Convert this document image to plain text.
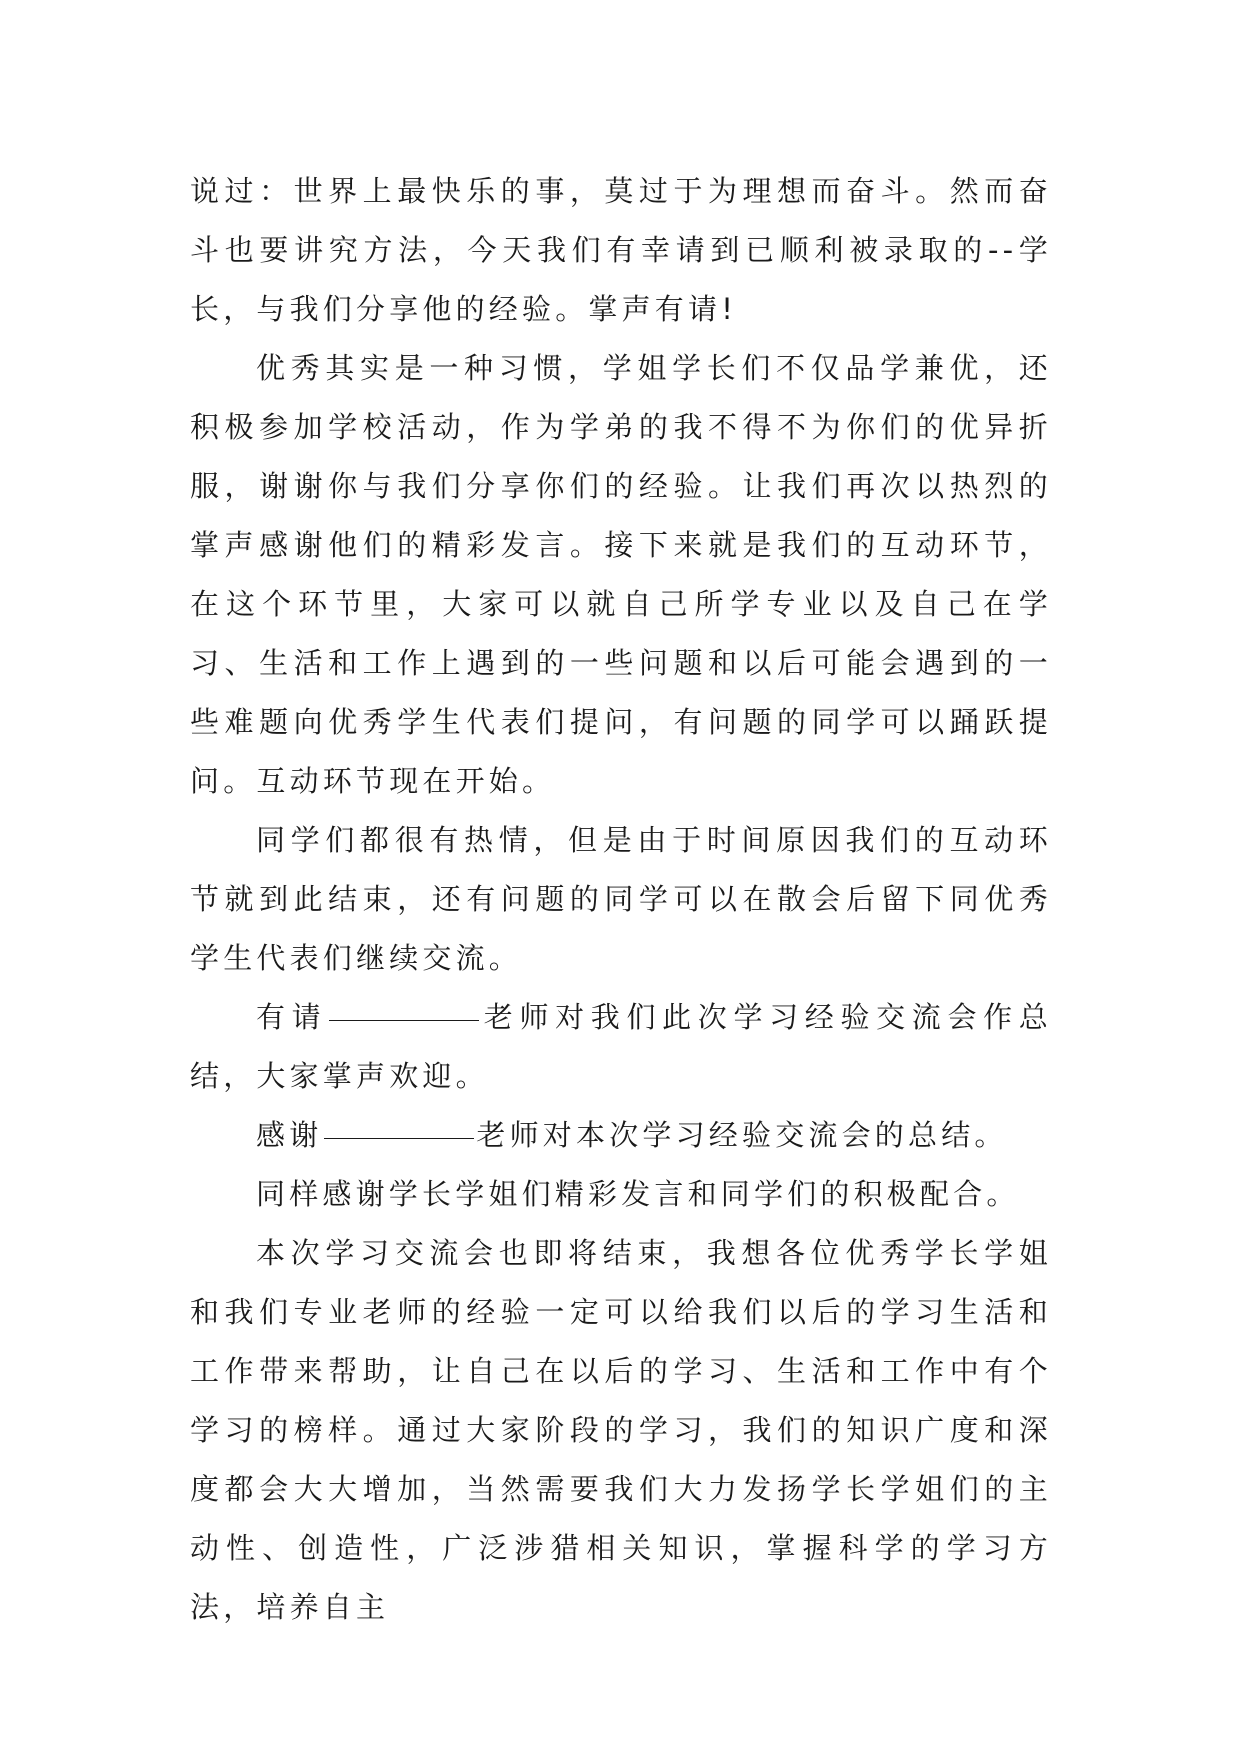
说过：世界上最快乐的事，莫过于为理想而奋斗。然而奋斗也要讲究方法，今天我们有幸请到已顺利被录取的--学长，与我们分享他的经验。掌声有请!

优秀其实是一种习惯，学姐学长们不仅品学兼优，还积极参加学校活动，作为学弟的我不得不为你们的优异折服，谢谢你与我们分享你们的经验。让我们再次以热烈的掌声感谢他们的精彩发言。接下来就是我们的互动环节，在这个环节里，大家可以就自己所学专业以及自己在学习、生活和工作上遇到的一些问题和以后可能会遇到的一些难题向优秀学生代表们提问，有问题的同学可以踊跃提问。互动环节现在开始。

同学们都很有热情，但是由于时间原因我们的互动环节就到此结束，还有问题的同学可以在散会后留下同优秀学生代表们继续交流。

有请	老师对我们此次学习经验交流会作总结，大家掌声欢迎。

感谢	老师对本次学习经验交流会的总结。

同样感谢学长学姐们精彩发言和同学们的积极配合。

本次学习交流会也即将结束，我想各位优秀学长学姐和我们专业老师的经验一定可以给我们以后的学习生活和工作带来帮助，让自己在以后的学习、生活和工作中有个学习的榜样。通过大家阶段的学习，我们的知识广度和深度都会大大增加，当然需要我们大力发扬学长学姐们的主动性、创造性，广泛涉猎相关知识，掌握科学的学习方法，培养自主
